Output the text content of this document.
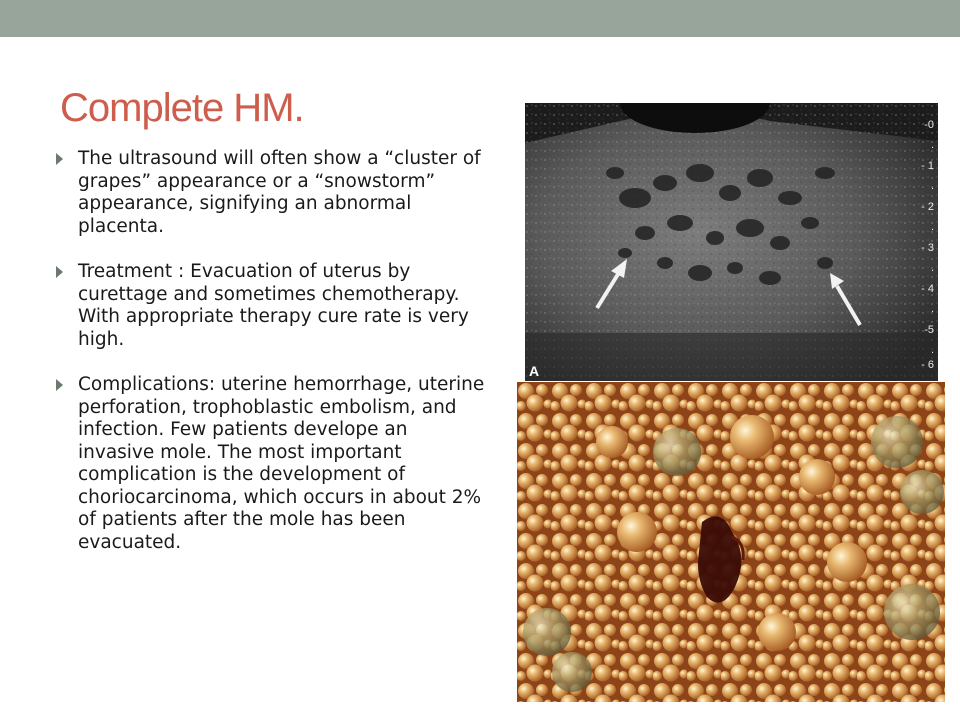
Complete HM.
The ultrasound will often show a “cluster of grapes” appearance or a “snowstorm” appearance, signifying an abnormal placenta.
Treatment : Evacuation of uterus by curettage and sometimes chemotherapy. With appropriate therapy cure rate is very high.
Complications: uterine hemorrhage, uterine perforation, trophoblastic embolism, and infection. Few patients develope an invasive mole. The most important complication is the development of choriocarcinoma, which occurs in about 2% of patients after the mole has been evacuated.
A
-0
.
- 1
.
- 2
.
- 3
.
- 4
.
-5
.
- 6
